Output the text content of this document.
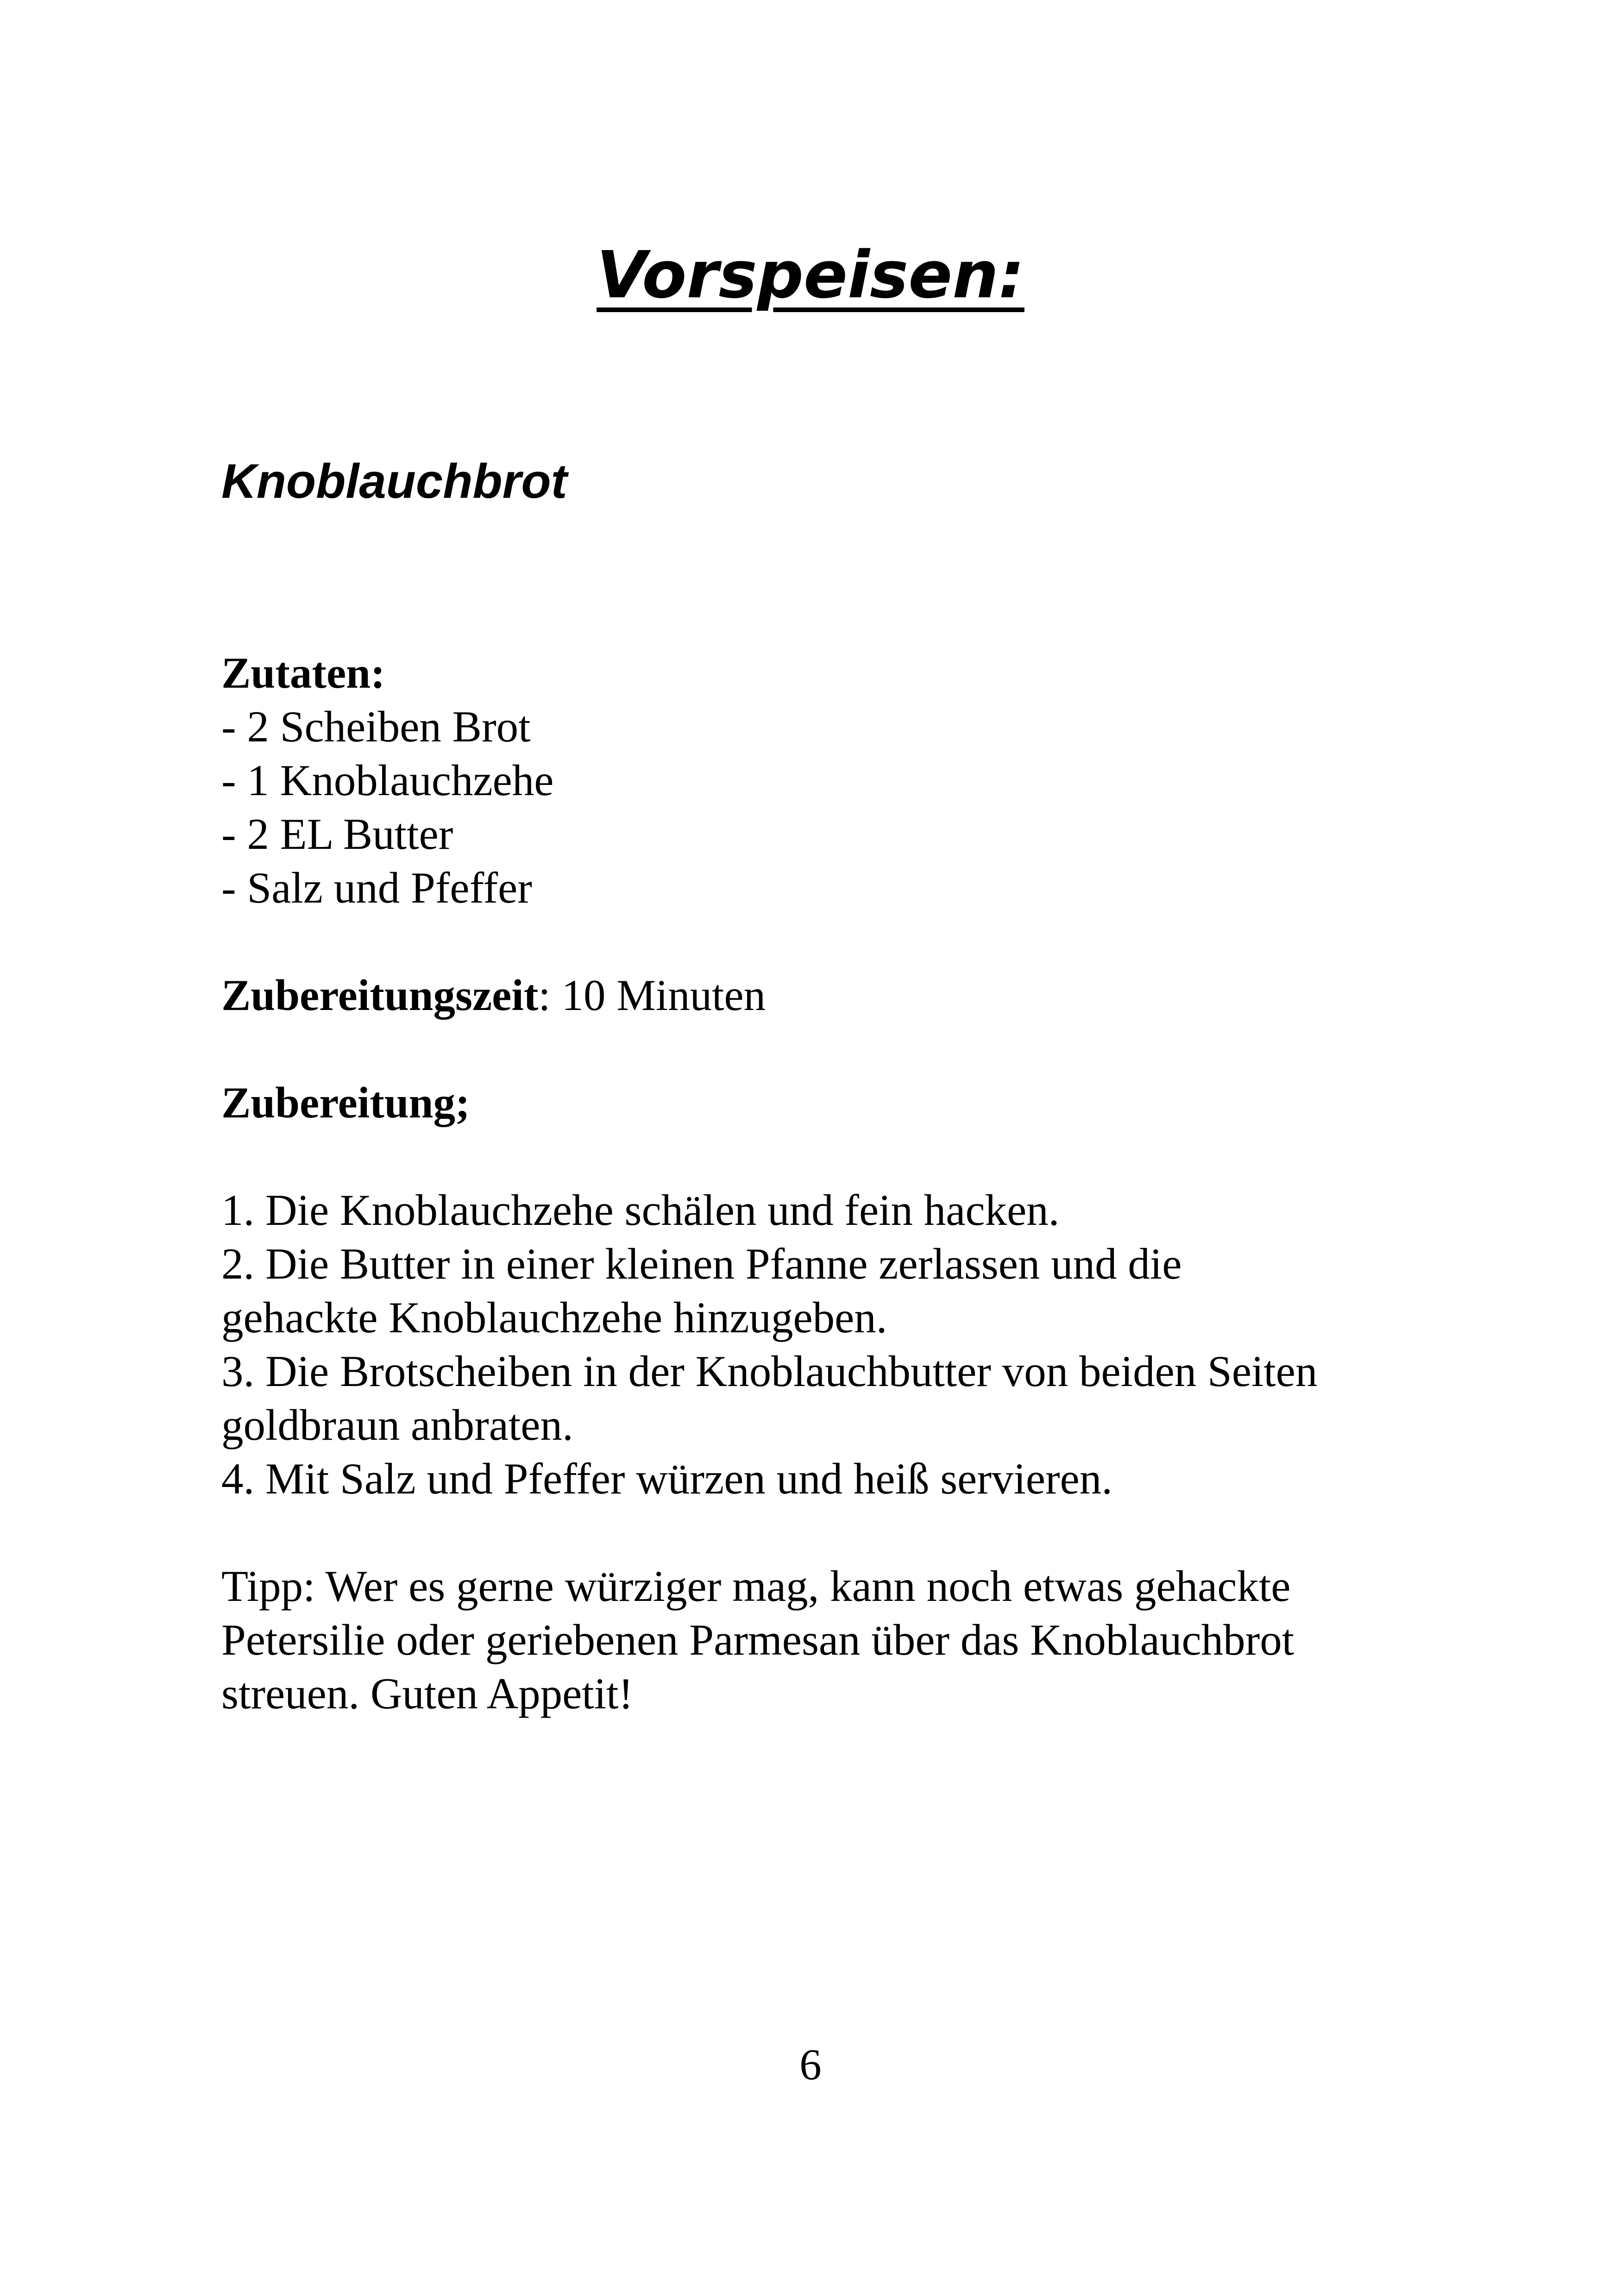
Vorspeisen:
Knoblauchbrot
Zutaten:
- 2 Scheiben Brot
- 1 Knoblauchzehe
- 2 EL Butter
- Salz und Pfeffer
Zubereitungszeit: 10 Minuten
Zubereitung;
1. Die Knoblauchzehe schälen und fein hacken.
2. Die Butter in einer kleinen Pfanne zerlassen und die
gehackte Knoblauchzehe hinzugeben.
3. Die Brotscheiben in der Knoblauchbutter von beiden Seiten
goldbraun anbraten.
4. Mit Salz und Pfeffer würzen und heiß servieren.
Tipp: Wer es gerne würziger mag, kann noch etwas gehackte
Petersilie oder geriebenen Parmesan über das Knoblauchbrot
streuen. Guten Appetit!
6
